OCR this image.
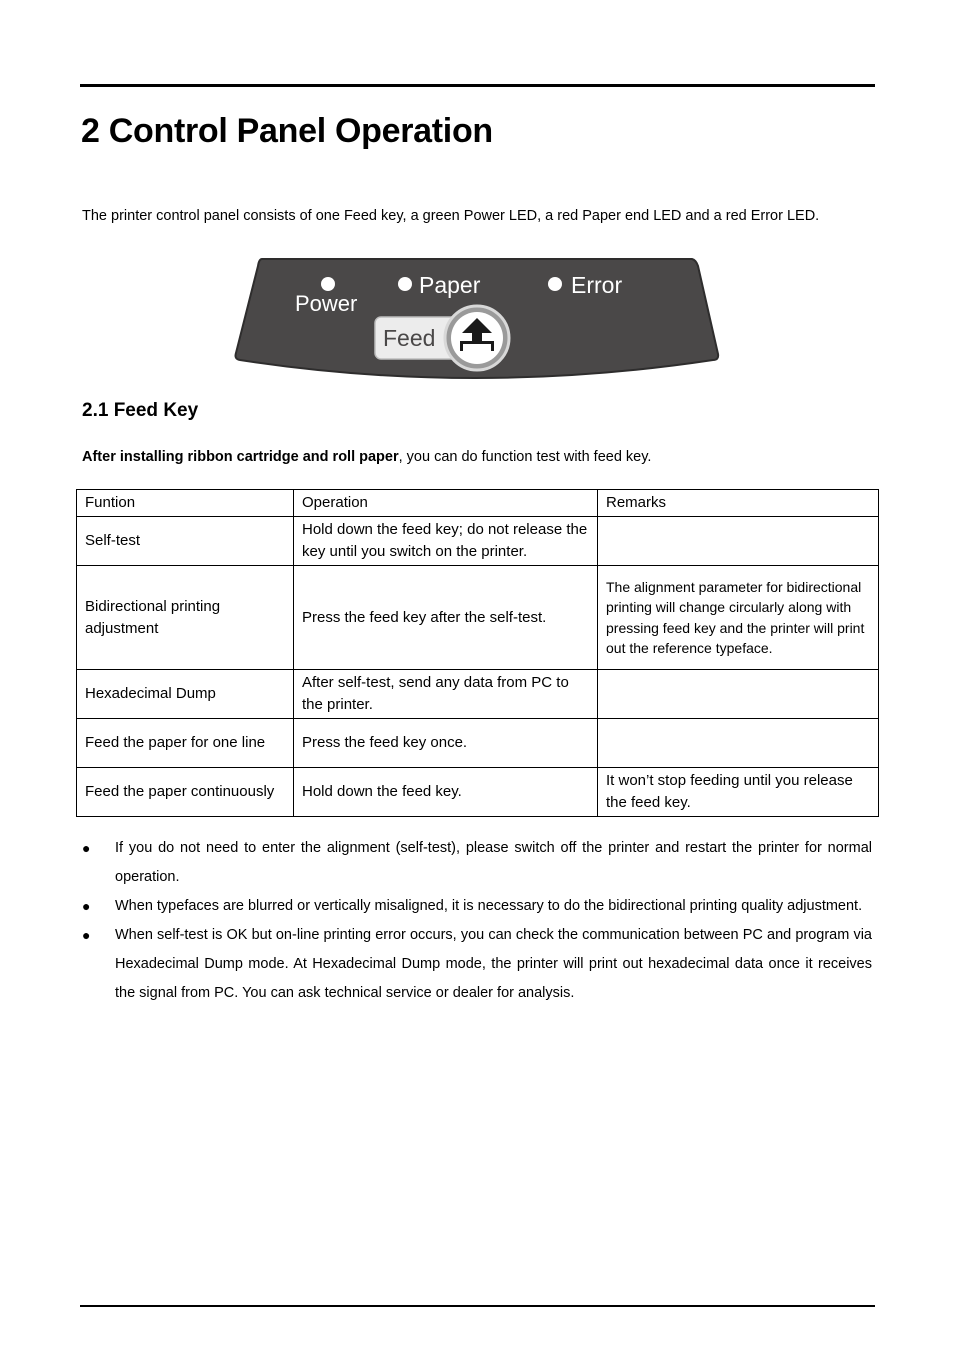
2 Control Panel Operation
The printer control panel consists of one Feed key, a green Power LED, a red Paper end LED and a red Error LED.
Power
Paper	Error
Feed
2.1 Feed Key
After installing ribbon cartridge and roll paper, you can do function test with feed key.
Funtion	Operation	Remarks
Self-test	Hold down the feed key; do not release the key until you switch on the printer.	
Bidirectional printing adjustment	Press the feed key after the self-test.	The alignment parameter for bidirectional printing will change circularly along with pressing feed key and the printer will print out the reference typeface.
Hexadecimal Dump	After self-test, send any data from PC to the printer.	
Feed the paper for one line	Press the feed key once.	
Feed the paper continuously	Hold down the feed key.	It won’t stop feeding until you release the feed key.
● If you do not need to enter the alignment (self-test), please switch off the printer and restart the printer for normal operation.
● When typefaces are blurred or vertically misaligned, it is necessary to do the bidirectional printing quality adjustment.
● When self-test is OK but on-line printing error occurs, you can check the communication between PC and program via Hexadecimal Dump mode. At Hexadecimal Dump mode, the printer will print out hexadecimal data once it receives the signal from PC. You can ask technical service or dealer for analysis.
